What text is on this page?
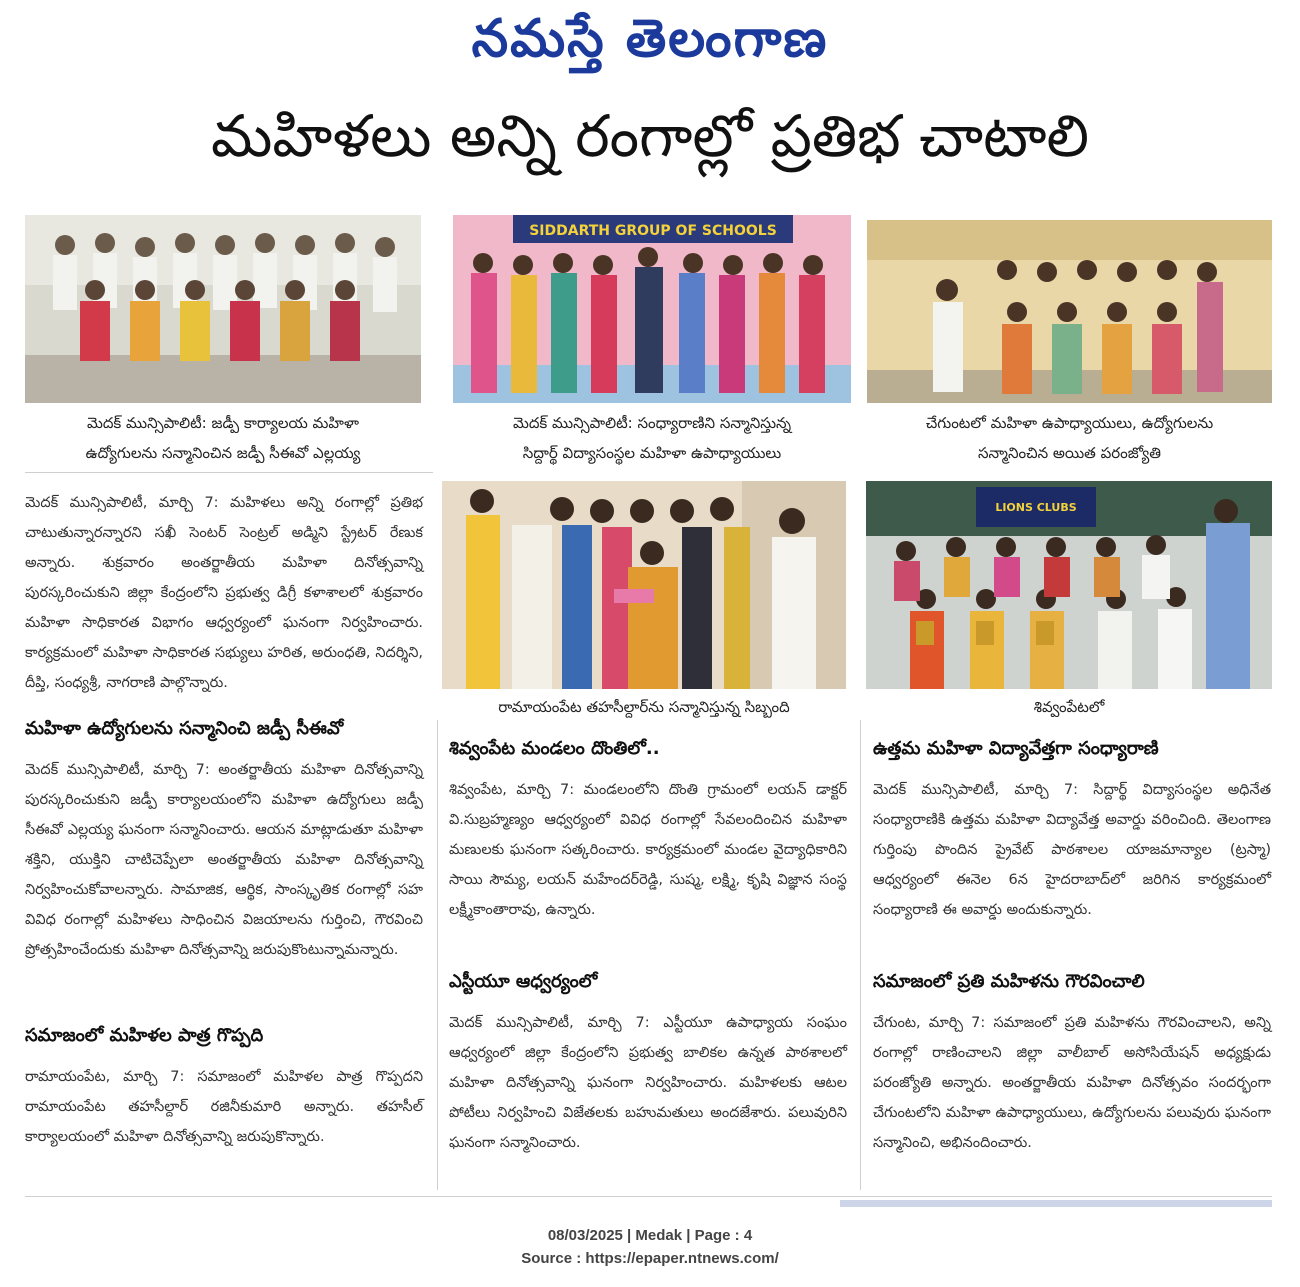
నమస్తే తెలంగాణ
మహిళలు అన్ని రంగాల్లో ప్రతిభ చాటాలి
SIDDARTH GROUP OF SCHOOLS
మెదక్ మున్సిపాలిటీ: జడ్పీ కార్యాలయ మహిళా
ఉద్యోగులను సన్మానించిన జడ్పీ సీఈవో ఎల్లయ్య
మెదక్ మున్సిపాలిటీ: సంధ్యారాణిని సన్మానిస్తున్న
సిద్దార్థ్ విద్యాసంస్థల మహిళా ఉపాధ్యాయులు
చేగుంటలో మహిళా ఉపాధ్యాయులు, ఉద్యోగులను
సన్మానించిన అయిత పరంజ్యోతి
LIONS CLUBS
రామాయంపేట తహసీల్దార్‌ను సన్మానిస్తున్న సిబ్బంది	శివ్వంపేటలో

మెదక్ మున్సిపాలిటీ, మార్చి 7: మహిళలు అన్ని రంగాల్లో ప్రతిభ చాటుతున్నారన్నారని సఖీ సెంటర్ సెంట్రల్ అడ్మిని స్ట్రేటర్ రేణుక అన్నారు. శుక్రవారం అంతర్జాతీయ మహిళా దినోత్సవాన్ని పురస్కరించుకుని జిల్లా కేంద్రంలోని ప్రభుత్వ డిగ్రీ కళాశాలలో శుక్రవారం మహిళా సాధికారత విభాగం ఆధ్వర్యంలో ఘనంగా నిర్వహించారు. కార్యక్రమంలో మహిళా సాధికారత సభ్యులు హరిత, అరుంధతి, నిదర్శిని, దీప్తి, సంధ్యశ్రీ, నాగరాణి పాల్గొన్నారు.

మహిళా ఉద్యోగులను సన్మానించి జడ్పీ సీఈవో

మెదక్ మున్సిపాలిటీ, మార్చి 7: అంతర్జాతీయ మహిళా దినోత్సవాన్ని పురస్కరించుకుని జడ్పీ కార్యాలయంలోని మహిళా ఉద్యోగులు జడ్పీ సీఈవో ఎల్లయ్య ఘనంగా సన్మానించారు. ఆయన మాట్లాడుతూ మహిళా శక్తిని, యుక్తిని చాటిచెప్పేలా అంతర్జాతీయ మహిళా దినోత్సవాన్ని నిర్వహించుకోవాలన్నారు. సామాజిక, ఆర్థిక, సాంస్కృతిక రంగాల్లో సహ వివిధ రంగాల్లో మహిళలు సాధించిన విజయాలను గుర్తించి, గౌరవించి ప్రోత్సహించేందుకు మహిళా దినోత్సవాన్ని జరుపుకొంటున్నామన్నారు.

సమాజంలో మహిళల పాత్ర గొప్పది

రామాయంపేట, మార్చి 7: సమాజంలో మహిళల పాత్ర గొప్పదని రామాయంపేట తహసీల్దార్ రజినీకుమారి అన్నారు. తహసీల్ కార్యాలయంలో మహిళా దినోత్సవాన్ని జరుపుకొన్నారు.

శివ్వంపేట మండలం దొంతిలో..

శివ్వంపేట, మార్చి 7: మండలంలోని దొంతి గ్రామంలో లయన్ డాక్టర్ వి.సుబ్రహ్మణ్యం ఆధ్వర్యంలో వివిధ రంగాల్లో సేవలందించిన మహిళా మణులకు ఘనంగా సత్కరించారు. కార్యక్రమంలో మండల వైద్యాధికారిని సాయి సౌమ్య, లయన్ మహేందర్‌రెడ్డి, సుష్మ, లక్ష్మి, కృషి విజ్ఞాన సంస్థ లక్ష్మీకాంతారావు, ఉన్నారు.

ఎస్టీయూ ఆధ్వర్యంలో

మెదక్ మున్సిపాలిటీ, మార్చి 7: ఎస్టీయూ ఉపాధ్యాయ సంఘం ఆధ్వర్యంలో జిల్లా కేంద్రంలోని ప్రభుత్వ బాలికల ఉన్నత పాఠశాలలో మహిళా దినోత్సవాన్ని ఘనంగా నిర్వహించారు. మహిళలకు ఆటల పోటీలు నిర్వహించి విజేతలకు బహుమతులు అందజేశారు. పలువురిని ఘనంగా సన్మానించారు.

ఉత్తమ మహిళా విద్యావేత్తగా సంధ్యారాణి

మెదక్ మున్సిపాలిటీ, మార్చి 7: సిద్దార్థ్ విద్యాసంస్థల అధినేత సంధ్యారాణికి ఉత్తమ మహిళా విద్యావేత్త అవార్డు వరించింది. తెలంగాణ గుర్తింపు పొందిన ప్రైవేట్ పాఠశాలల యాజమాన్యాల (ట్రస్మా) ఆధ్వర్యంలో ఈనెల 6న హైదరాబాద్‌లో జరిగిన కార్యక్రమంలో సంధ్యారాణి ఈ అవార్డు అందుకున్నారు.

సమాజంలో ప్రతి మహిళను గౌరవించాలి

చేగుంట, మార్చి 7: సమాజంలో ప్రతి మహిళను గౌరవించాలని, అన్ని రంగాల్లో రాణించాలని జిల్లా వాలీబాల్ అసోసియేషన్ అధ్యక్షుడు పరంజ్యోతి అన్నారు. అంతర్జాతీయ మహిళా దినోత్సవం సందర్భంగా చేగుంటలోని మహిళా ఉపాధ్యాయులు, ఉద్యోగులను పలువురు ఘనంగా సన్మానించి, అభినందించారు.

08/03/2025 | Medak | Page : 4
Source : https://epaper.ntnews.com/
